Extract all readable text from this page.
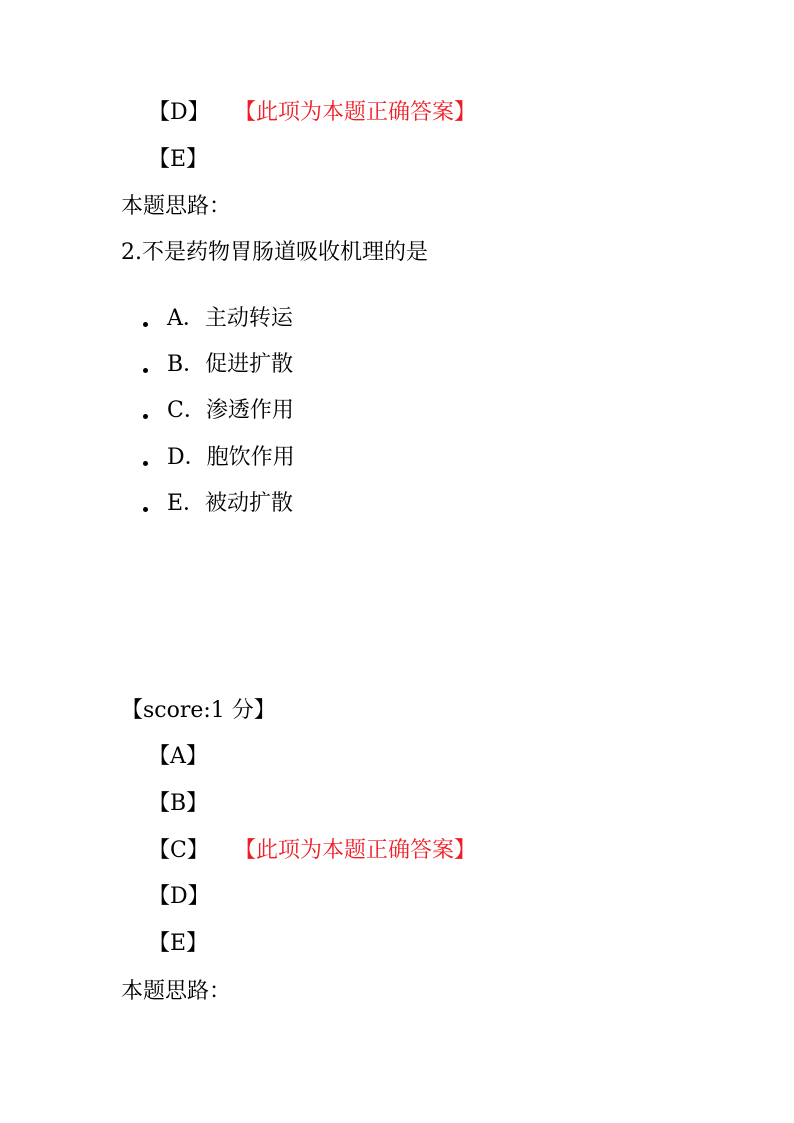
【D】 【此项为本题正确答案】
【E】
本题思路：
2.不是药物胃肠道吸收机理的是
A．主动转运
B．促进扩散
C．渗透作用
D．胞饮作用
E．被动扩散
【score:1 分】
【A】
【B】
【C】 【此项为本题正确答案】
【D】
【E】
本题思路：
